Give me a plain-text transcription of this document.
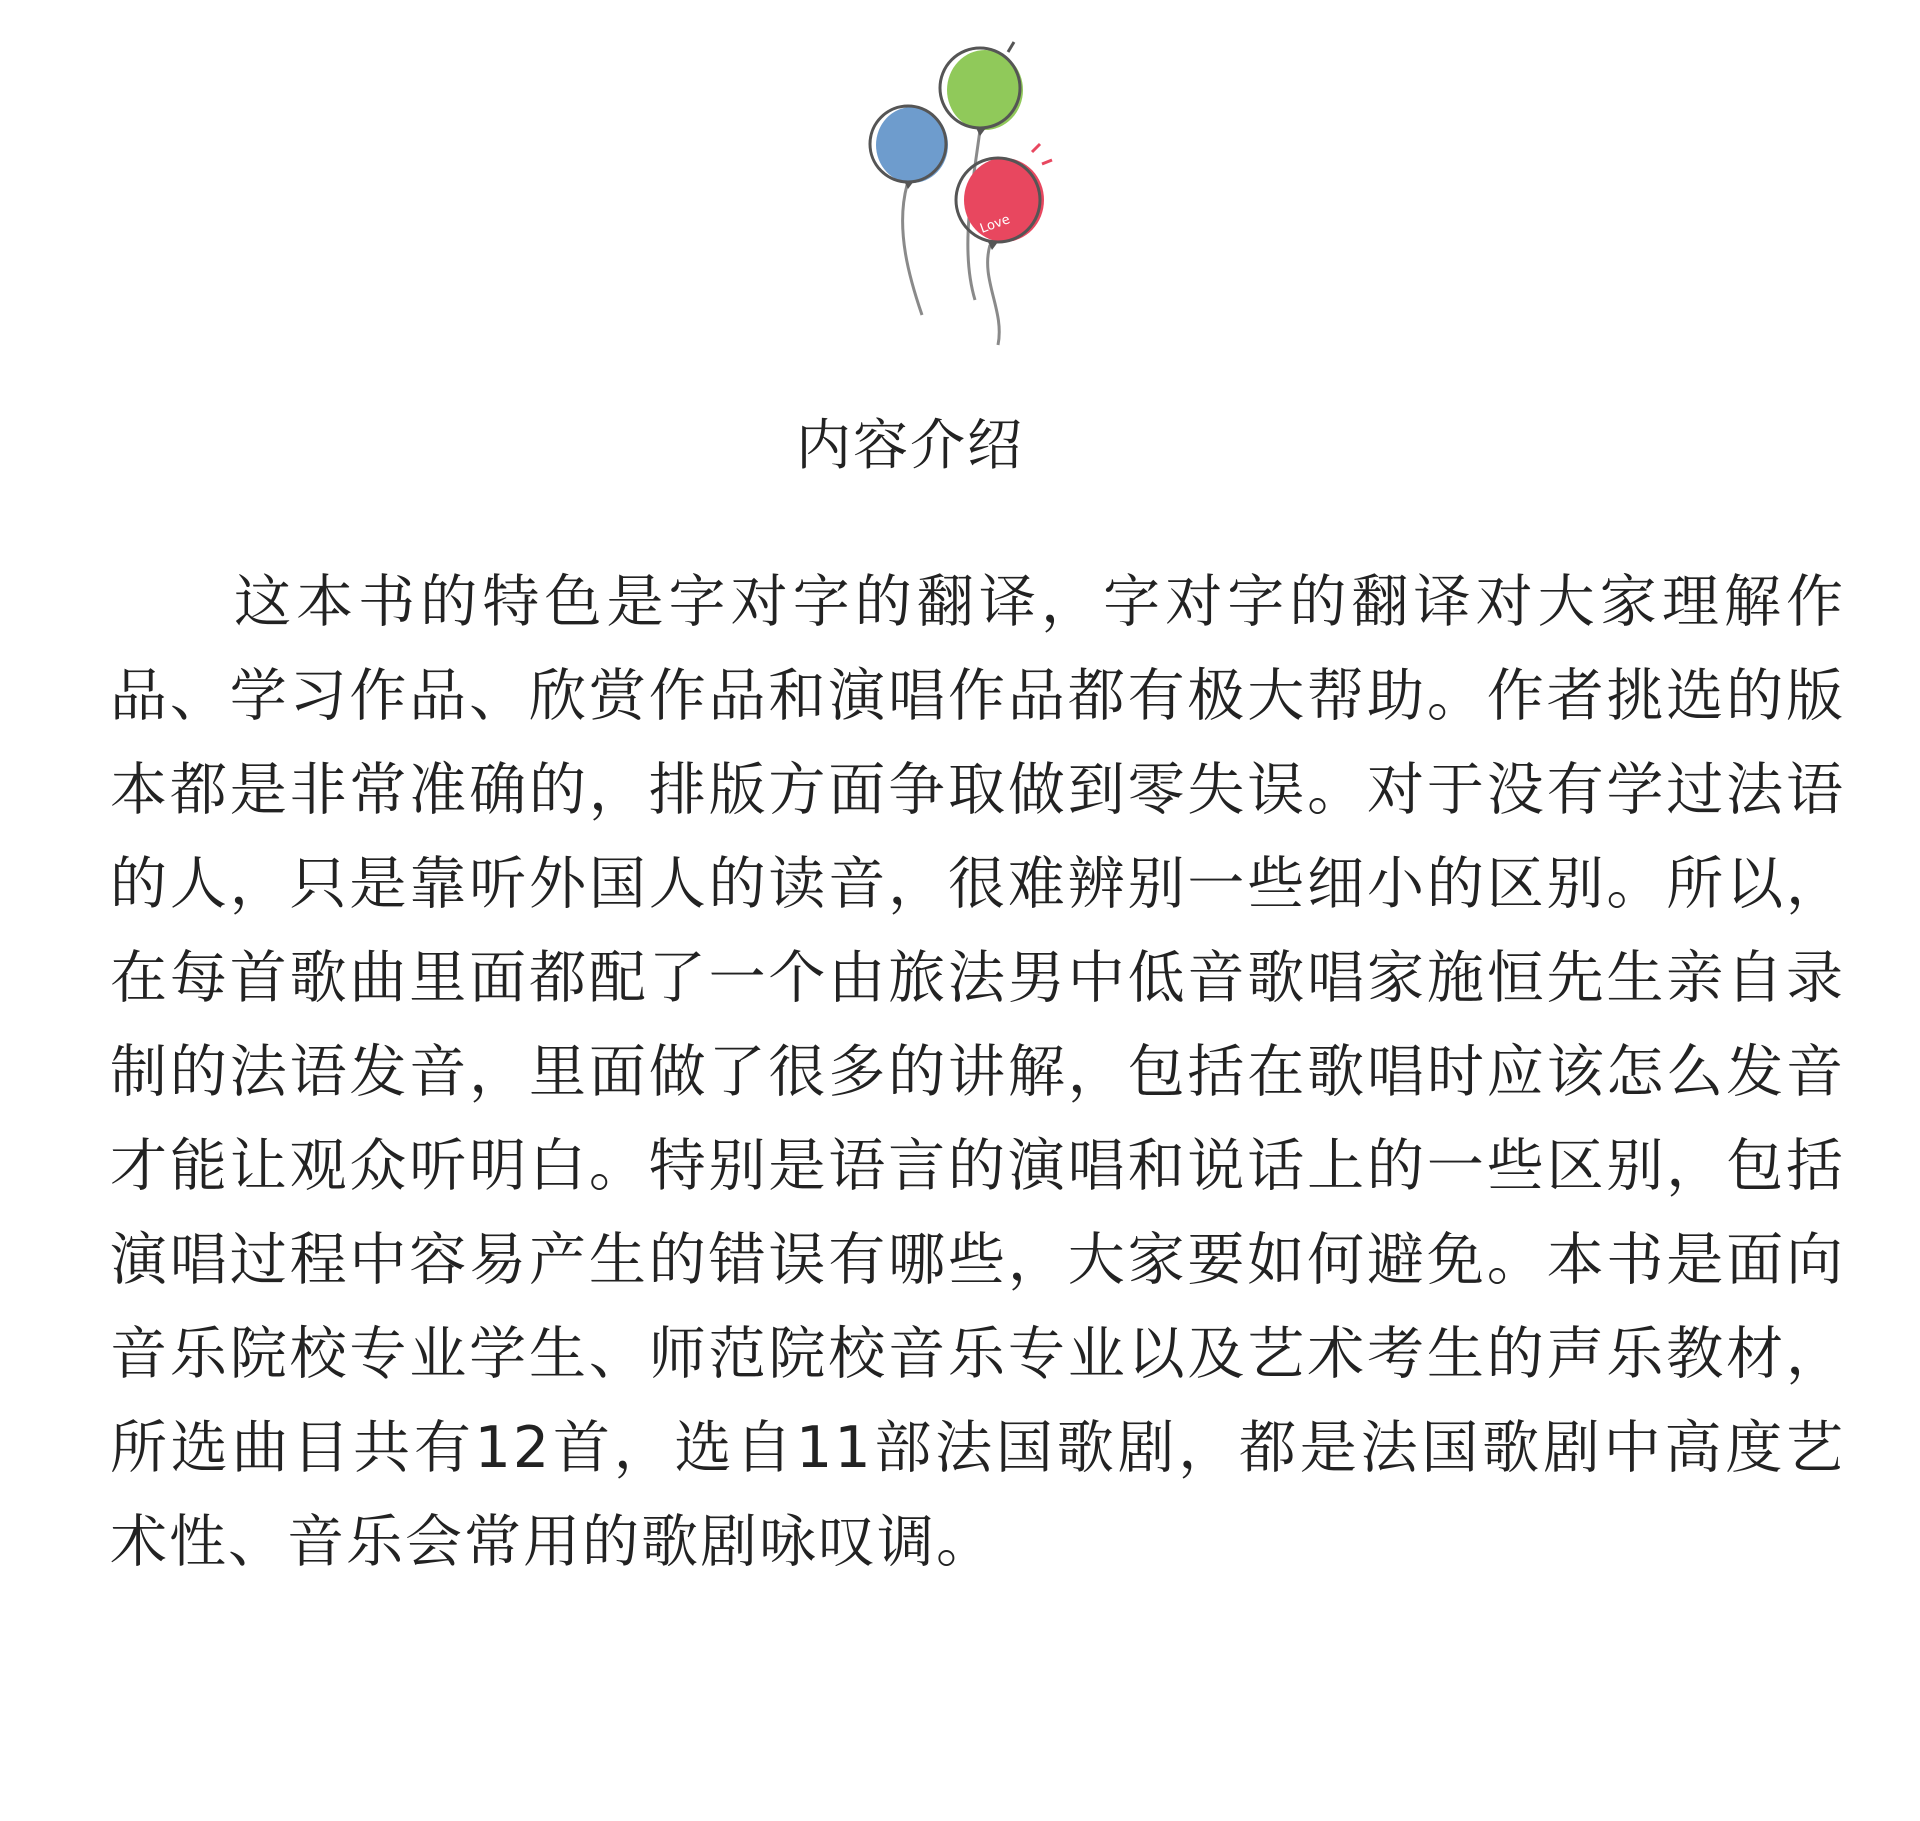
Love
内容介绍

这本书的特色是字对字的翻译，字对字的翻译对大家理解作品、学习作品、欣赏作品和演唱作品都有极大帮助。作者挑选的版本都是非常准确的，排版方面争取做到零失误。对于没有学过法语的人，只是靠听外国人的读音，很难辨别一些细小的区别。所以，在每首歌曲里面都配了一个由旅法男中低音歌唱家施恒先生亲自录制的法语发音，里面做了很多的讲解，包括在歌唱时应该怎么发音才能让观众听明白。特别是语言的演唱和说话上的一些区别，包括演唱过程中容易产生的错误有哪些，大家要如何避免。本书是面向音乐院校专业学生、师范院校音乐专业以及艺术考生的声乐教材，所选曲目共有12首，选自11部法国歌剧，都是法国歌剧中高度艺术性、音乐会常用的歌剧咏叹调。
